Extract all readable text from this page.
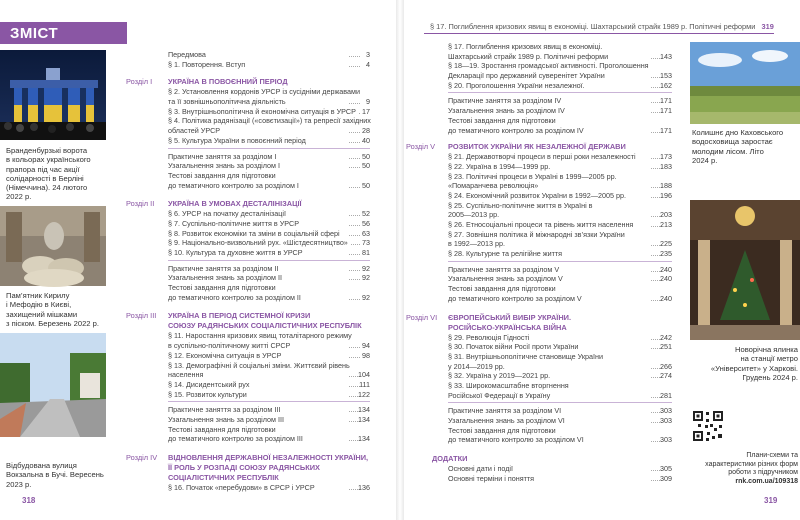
ЗМІСТ
Бранденбурзькі ворота
в кольорах українського
прапора під час акції
солідарності в Берліні
(Німеччина). 24 лютого
2022 р.
Пам’ятник Кирилу
і Мефодію в Києві,
захищений мішками
з піском. Березень 2022 р.
Відбудована вулиця
Вокзальна в Бучі. Вересень
2023 р.
318
Передмова	3
§ 1. Повторення. Вступ	4
Розділ I УКРАЇНА В ПОВОЄННИЙ ПЕРІОД
§ 2. Установлення кордонів УРСР із сусідніми державами
та її зовнішньополітична діяльність	9
§ 3. Внутрішньополітична й економічна ситуація в УРСР 17
§ 4. Політика радянізації («совєтизації») та репресії західних
областей УРСР	28
§ 5. Культура України в повоєнний період	40
Практичне заняття за розділом I	50
Узагальнення знань за розділом I	50
Тестові завдання для підготовки
до тематичного контролю за розділом I	50
Розділ II УКРАЇНА В УМОВАХ ДЕСТАЛІНІЗАЦІЇ
§ 6. УРСР на початку десталінізації	52
§ 7. Суспільно-політичне життя в УРСР	56
§ 8. Розвиток економіки та зміни в соціальній сфері	63
§ 9. Національно-визвольний рух. «Шістдесятництво» 73
§ 10. Культура та духовне життя в УРСР	81
Практичне заняття за розділом II	92
Узагальнення знань за розділом II	92
Тестові завдання для підготовки
до тематичного контролю за розділом II	92
Розділ III УКРАЇНА В ПЕРІОД СИСТЕМНОЇ КРИЗИ
СОЮЗУ РАДЯНСЬКИХ СОЦІАЛІСТИЧНИХ РЕСПУБЛІК
§ 11. Наростання кризових явищ тоталітарного режиму
в суспільно-політичному житті СРСР	94
§ 12. Економічна ситуація в УРСР	98
§ 13. Демографічні й соціальні зміни. Життєвий рівень
населення	104
§ 14. Дисидентський рух	111
§ 15. Розвиток культури	122
Практичне заняття за розділом III	134
Узагальнення знань за розділом III	134
Тестові завдання для підготовки
до тематичного контролю за розділом III	134
Розділ IV ВІДНОВЛЕННЯ ДЕРЖАВНОЇ НЕЗАЛЕЖНОСТІ УКРАЇНИ,
ЇЇ РОЛЬ У РОЗПАДІ СОЮЗУ РАДЯНСЬКИХ
СОЦІАЛІСТИЧНИХ РЕСПУБЛІК
§ 16. Початок «перебудови» в СРСР і УРСР	136
§ 17. Поглиблення кризових явищ в економіці. Шахтарський страйк 1989 р. Політичні реформи 319
§ 17. Поглиблення кризових явищ в економіці.
Шахтарський страйк 1989 р. Політичні реформи	143
§ 18—19. Зростання громадської активності. Проголошення
Декларації про державний суверенітет України	153
§ 20. Проголошення України незалежної.	162
Практичне заняття за розділом IV	171
Узагальнення знань за розділом IV	171
Тестові завдання для підготовки
до тематичного контролю за розділом IV	171
Розділ V РОЗВИТОК УКРАЇНИ ЯК НЕЗАЛЕЖНОЇ ДЕРЖАВИ
§ 21. Державотворчі процеси в перші роки незалежності	173
§ 22. Україна в 1994—1999 рр.	183
§ 23. Політичні процеси в Україні в 1999—2005 рр.
«Помаранчева революція»	188
§ 24. Економічний розвиток України в 1992—2005 рр.	196
§ 25. Суспільно-політичне життя в Україні в
2005—2013 рр.	203
§ 26. Етносоціальні процеси та рівень життя населення	213
§ 27. Зовнішня політика й міжнародні зв’язки України
в 1992—2013 рр.	225
§ 28. Культурне та релігійне життя	235
Практичне заняття за розділом V	240
Узагальнення знань за розділом V	240
Тестові завдання для підготовки
до тематичного контролю за розділом V	240
Розділ VI ЄВРОПЕЙСЬКИЙ ВИБІР УКРАЇНИ.
РОСІЙСЬКО-УКРАЇНСЬКА ВІЙНА
§ 29. Революція Гідності	242
§ 30. Початок війни Росії проти України	251
§ 31. Внутрішньополітичне становище України
у 2014—2019 рр.	266
§ 32. Україна у 2019—2021 рр.	274
§ 33. Широкомасштабне вторгнення
Російської Федерації в Україну	281
Практичне заняття за розділом VI	303
Узагальнення знань за розділом VI	303
Тестові завдання для підготовки
до тематичного контролю за розділом VI	303
ДОДАТКИ
Основні дати і події	305
Основні терміни і поняття	309
Колишнє дно Каховського
водосховища заростає
молодим лісом. Літо
2024 р.
Новорічна ялинка
на станції метро
«Університет» у Харкові.
Грудень 2024 р.
Плани-схеми та
характеристики різних форм
роботи з підручником
rnk.com.ua/109318
319
